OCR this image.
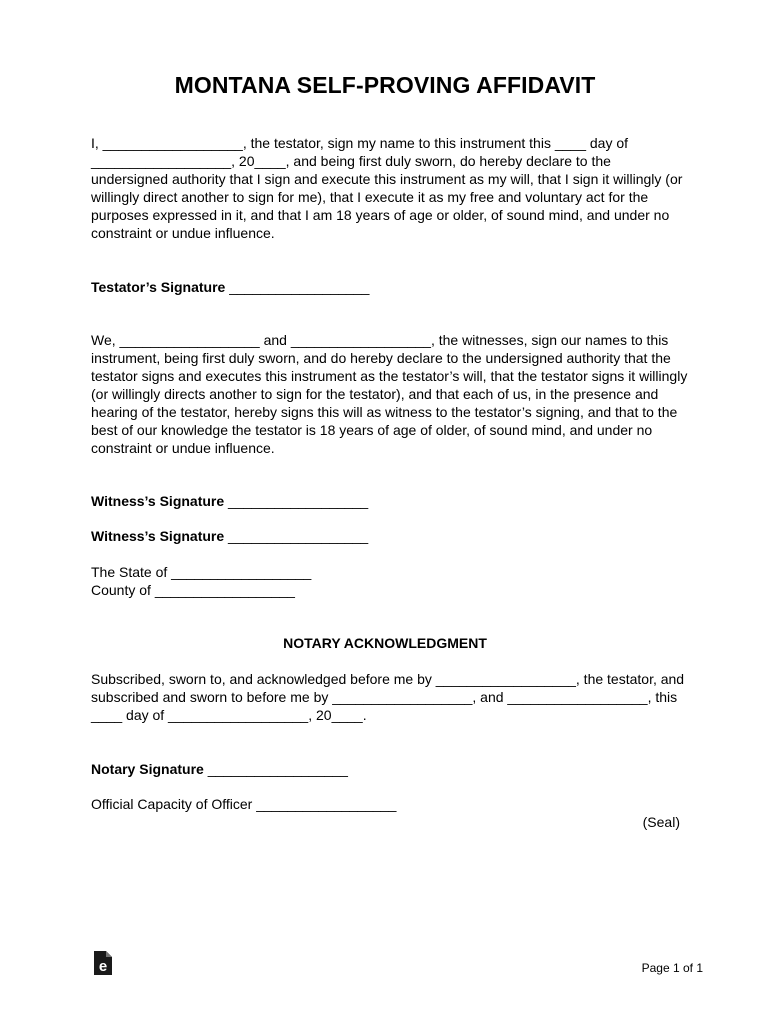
MONTANA SELF-PROVING AFFIDAVIT

I, __________________, the testator, sign my name to this instrument this ____ day of __________________, 20____, and being first duly sworn, do hereby declare to the undersigned authority that I sign and execute this instrument as my will, that I sign it willingly (or willingly direct another to sign for me), that I execute it as my free and voluntary act for the purposes expressed in it, and that I am 18 years of age or older, of sound mind, and under no constraint or undue influence.

Testator’s Signature __________________

We, __________________ and __________________, the witnesses, sign our names to this instrument, being first duly sworn, and do hereby declare to the undersigned authority that the testator signs and executes this instrument as the testator’s will, that the testator signs it willingly (or willingly directs another to sign for the testator), and that each of us, in the presence and hearing of the testator, hereby signs this will as witness to the testator’s signing, and that to the best of our knowledge the testator is 18 years of age of older, of sound mind, and under no constraint or undue influence.

Witness’s Signature __________________
Witness’s Signature __________________
The State of __________________
County of __________________
NOTARY ACKNOWLEDGMENT

Subscribed, sworn to, and acknowledged before me by __________________, the testator, and subscribed and sworn to before me by __________________, and __________________, this ____ day of __________________, 20____.

Notary Signature __________________
Official Capacity of Officer __________________
(Seal)
e	Page 1 of 1
